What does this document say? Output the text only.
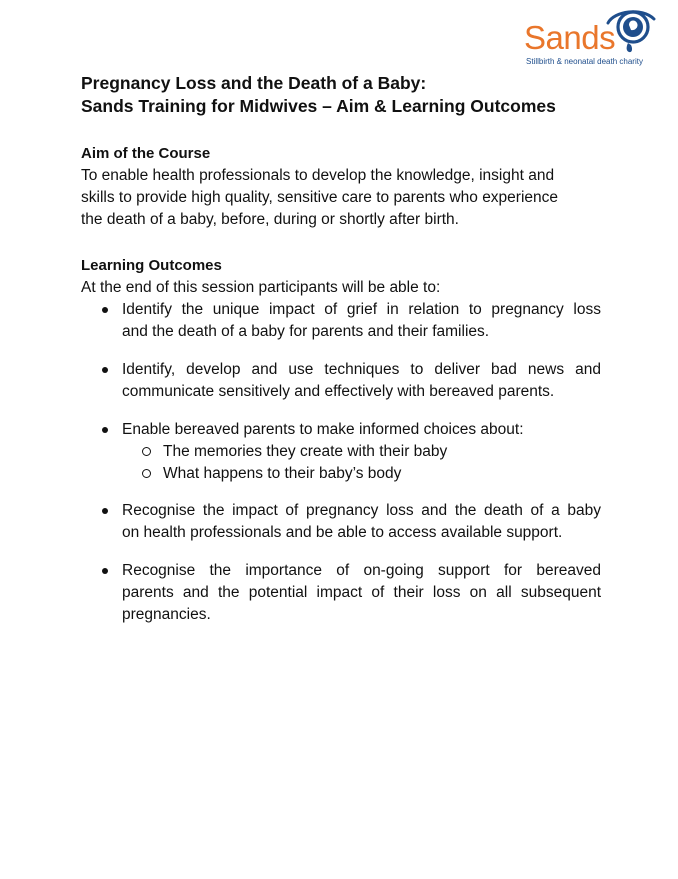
Sands
Stillbirth & neonatal death charity
Pregnancy Loss and the Death of a Baby:
Sands Training for Midwives – Aim & Learning Outcomes
Aim of the Course
To enable health professionals to develop the knowledge, insight and
skills to provide high quality, sensitive care to parents who experience
the death of a baby, before, during or shortly after birth.
Learning Outcomes
At the end of this session participants will be able to:
Identify the unique impact of grief in relation to pregnancy loss
and the death of a baby for parents and their families.
Identify, develop and use techniques to deliver bad news and
communicate sensitively and effectively with bereaved parents.
Enable bereaved parents to make informed choices about:
The memories they create with their baby
What happens to their baby’s body
Recognise the impact of pregnancy loss and the death of a baby
on health professionals and be able to access available support.
Recognise the importance of on-going support for bereaved
parents and the potential impact of their loss on all subsequent
pregnancies.
